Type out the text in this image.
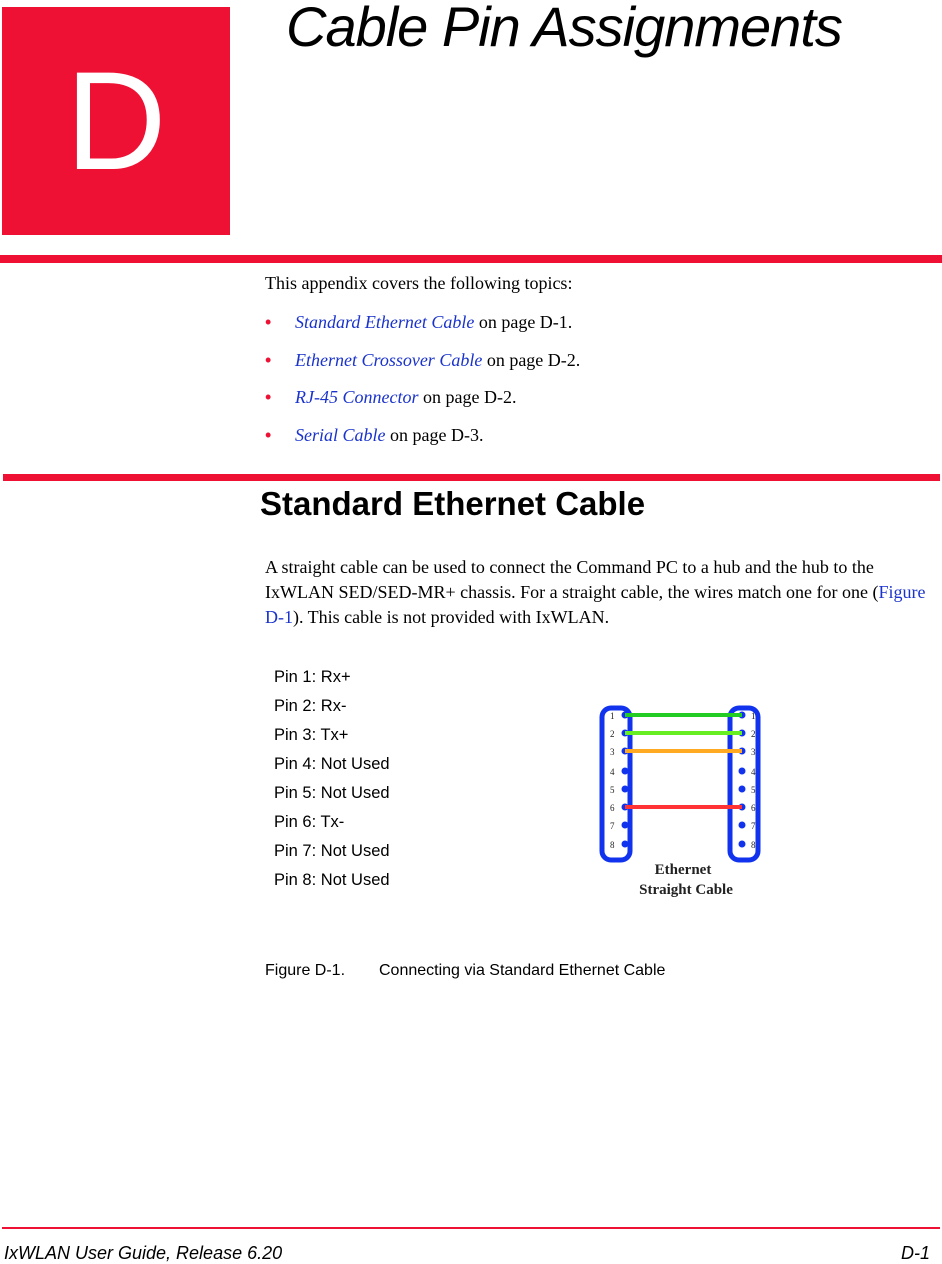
D
Cable Pin Assignments
This appendix covers the following topics:
• Standard Ethernet Cable on page D-1.
• Ethernet Crossover Cable on page D-2.
• RJ-45 Connector on page D-2.
• Serial Cable on page D-3.
Standard Ethernet Cable
A straight cable can be used to connect the Command PC to a hub and the hub to the IxWLAN SED/SED-MR+ chassis. For a straight cable, the wires match one for one (Figure D-1). This cable is not provided with IxWLAN.
Pin 1: Rx+
Pin 2: Rx-
Pin 3: Tx+
Pin 4: Not Used
Pin 5: Not Used
Pin 6: Tx-
Pin 7: Not Used
Pin 8: Not Used
1
2
3
4
5
6
7
8
1
2
3
4
5
6
7
8
Ethernet
Straight Cable
Figure D-1. Connecting via Standard Ethernet Cable
IxWLAN User Guide, Release 6.20	D-1
